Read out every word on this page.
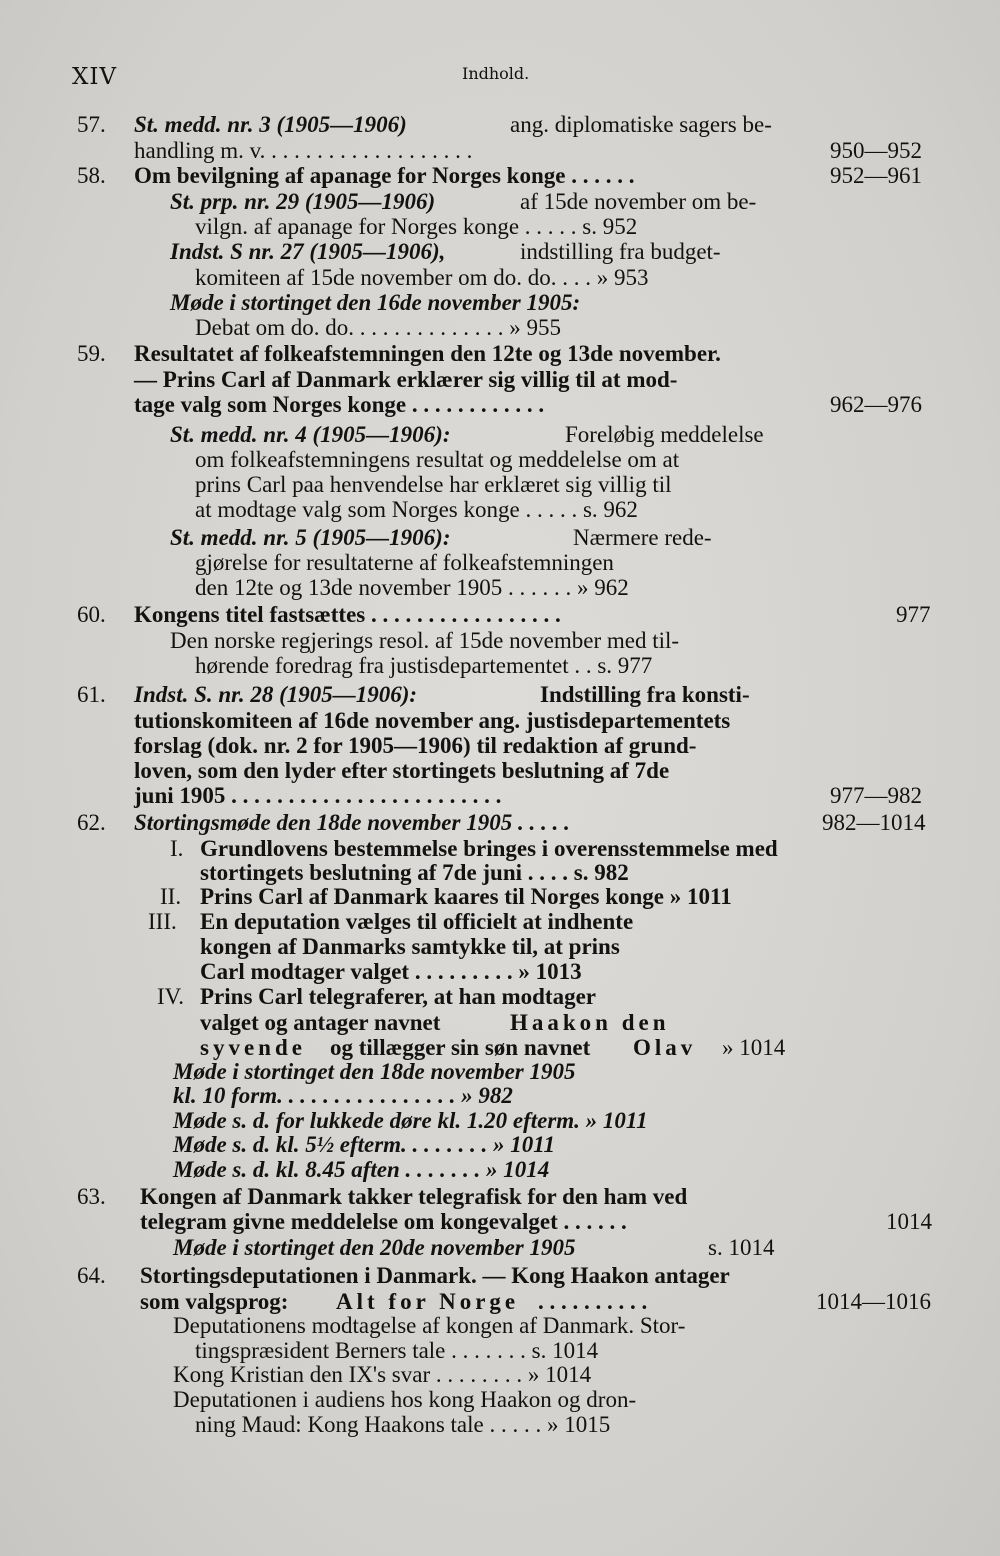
XIV	Indhold.
57. St. medd. nr. 3 (1905—1906)	ang. diplomatiske sagers be-
handling m. v. . . . . . . . . . . . . . . . . . .	950—952
58. Om bevilgning af apanage for Norges konge . . . . . .	952—961
St. prp. nr. 29 (1905—1906)	af 15de november om be-
vilgn. af apanage for Norges konge . . . . . s. 952
Indst. S nr. 27 (1905—1906),	indstilling fra budget-
komiteen af 15de november om do. do. . . . » 953
Møde i stortinget den 16de november 1905:
Debat om do. do. . . . . . . . . . . . . . » 955
59. Resultatet af folkeafstemningen den 12te og 13de november.
— Prins Carl af Danmark erklærer sig villig til at mod-
tage valg som Norges konge . . . . . . . . . . . .	962—976
St. medd. nr. 4 (1905—1906):	Foreløbig meddelelse
om folkeafstemningens resultat og meddelelse om at
prins Carl paa henvendelse har erklæret sig villig til
at modtage valg som Norges konge . . . . . s. 962
St. medd. nr. 5 (1905—1906):	Nærmere rede-
gjørelse for resultaterne af folkeafstemningen
den 12te og 13de november 1905 . . . . . . » 962
60. Kongens titel fastsættes . . . . . . . . . . . . . . . . .	977
Den norske regjerings resol. af 15de november med til-
hørende foredrag fra justisdepartementet . . s. 977
61. Indst. S. nr. 28 (1905—1906):	Indstilling fra konsti-
tutionskomiteen af 16de november ang. justisdepartementets
forslag (dok. nr. 2 for 1905—1906) til redaktion af grund-
loven, som den lyder efter stortingets beslutning af 7de
juni 1905 . . . . . . . . . . . . . . . . . . . . . . . .	977—982
62. Stortingsmøde den 18de november 1905 . . . . .	982—1014
I. Grundlovens bestemmelse bringes i overensstemmelse med
stortingets beslutning af 7de juni . . . . s. 982
II. Prins Carl af Danmark kaares til Norges konge » 1011
III. En deputation vælges til officielt at indhente
kongen af Danmarks samtykke til, at prins
Carl modtager valget . . . . . . . . . » 1013
IV. Prins Carl telegraferer, at han modtager
valget og antager navnet	Haakon den
syvende og tillægger sin søn navnet Olav » 1014
Møde i stortinget den 18de november 1905
kl. 10 form. . . . . . . . . . . . . . . . » 982
Møde s. d. for lukkede døre kl. 1.20 efterm. » 1011
Møde s. d. kl. 5½ efterm. . . . . . . . » 1011
Møde s. d. kl. 8.45 aften . . . . . . . » 1014
63. Kongen af Danmark takker telegrafisk for den ham ved
telegram givne meddelelse om kongevalget . . . . . .	1014
Møde i stortinget den 20de november 1905	s. 1014
64. Stortingsdeputationen i Danmark. — Kong Haakon antager
som valgsprog: Alt for Norge . . . . . . . . . .	1014—1016
Deputationens modtagelse af kongen af Danmark. Stor-
tingspræsident Berners tale . . . . . . . s. 1014
Kong Kristian den IX's svar . . . . . . . . » 1014
Deputationen i audiens hos kong Haakon og dron-
ning Maud: Kong Haakons tale . . . . . » 1015
